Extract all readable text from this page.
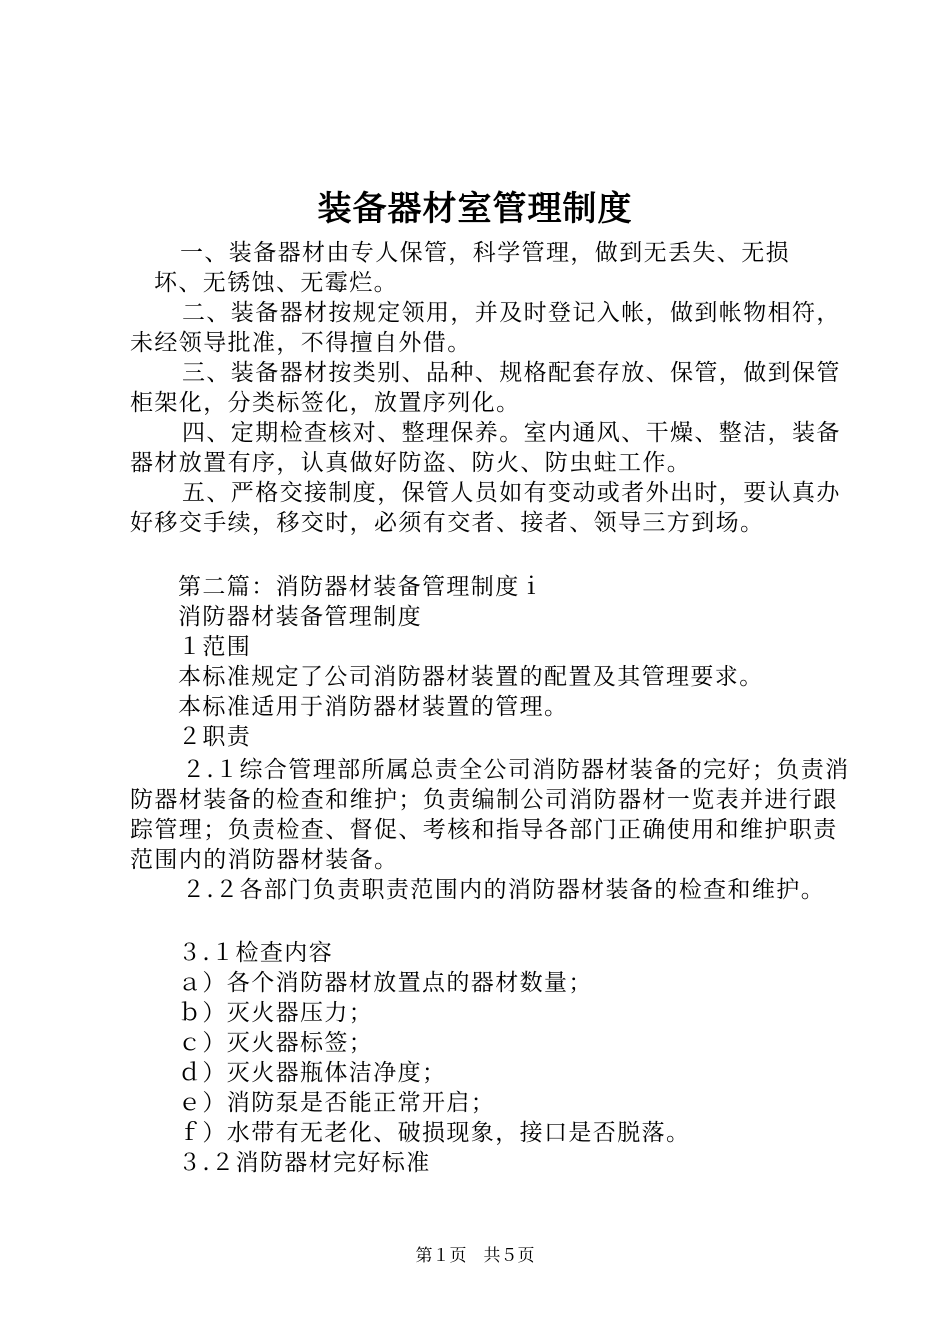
装备器材室管理制度
一、装备器材由专人保管，科学管理，做到无丢失、无损
坏、无锈蚀、无霉烂。

二、装备器材按规定领用，并及时登记入帐，做到帐物相符，未经领导批准，不得擅自外借。

三、装备器材按类别、品种、规格配套存放、保管，做到保管柜架化，分类标签化，放置序列化。

四、定期检查核对、整理保养。室内通风、干燥、整洁，装备器材放置有序，认真做好防盗、防火、防虫蛀工作。

五、严格交接制度，保管人员如有变动或者外出时，要认真办好移交手续，移交时，必须有交者、接者、领导三方到场。

第二篇：消防器材装备管理制度ｉ
消防器材装备管理制度
１范围
本标准规定了公司消防器材装置的配置及其管理要求。
本标准适用于消防器材装置的管理。
２职责

２.１综合管理部所属总责全公司消防器材装备的完好；负责消防器材装备的检查和维护；负责编制公司消防器材一览表并进行跟踪管理；负责检查、督促、考核和指导各部门正确使用和维护职责范围内的消防器材装备。

２.２各部门负责职责范围内的消防器材装备的检查和维护。

３.１检查内容
ａ）各个消防器材放置点的器材数量；
ｂ）灭火器压力；
ｃ）灭火器标签；
ｄ）灭火器瓶体洁净度；
ｅ）消防泵是否能正常开启；
ｆ）水带有无老化、破损现象，接口是否脱落。
３.２消防器材完好标准
第１页　共５页
